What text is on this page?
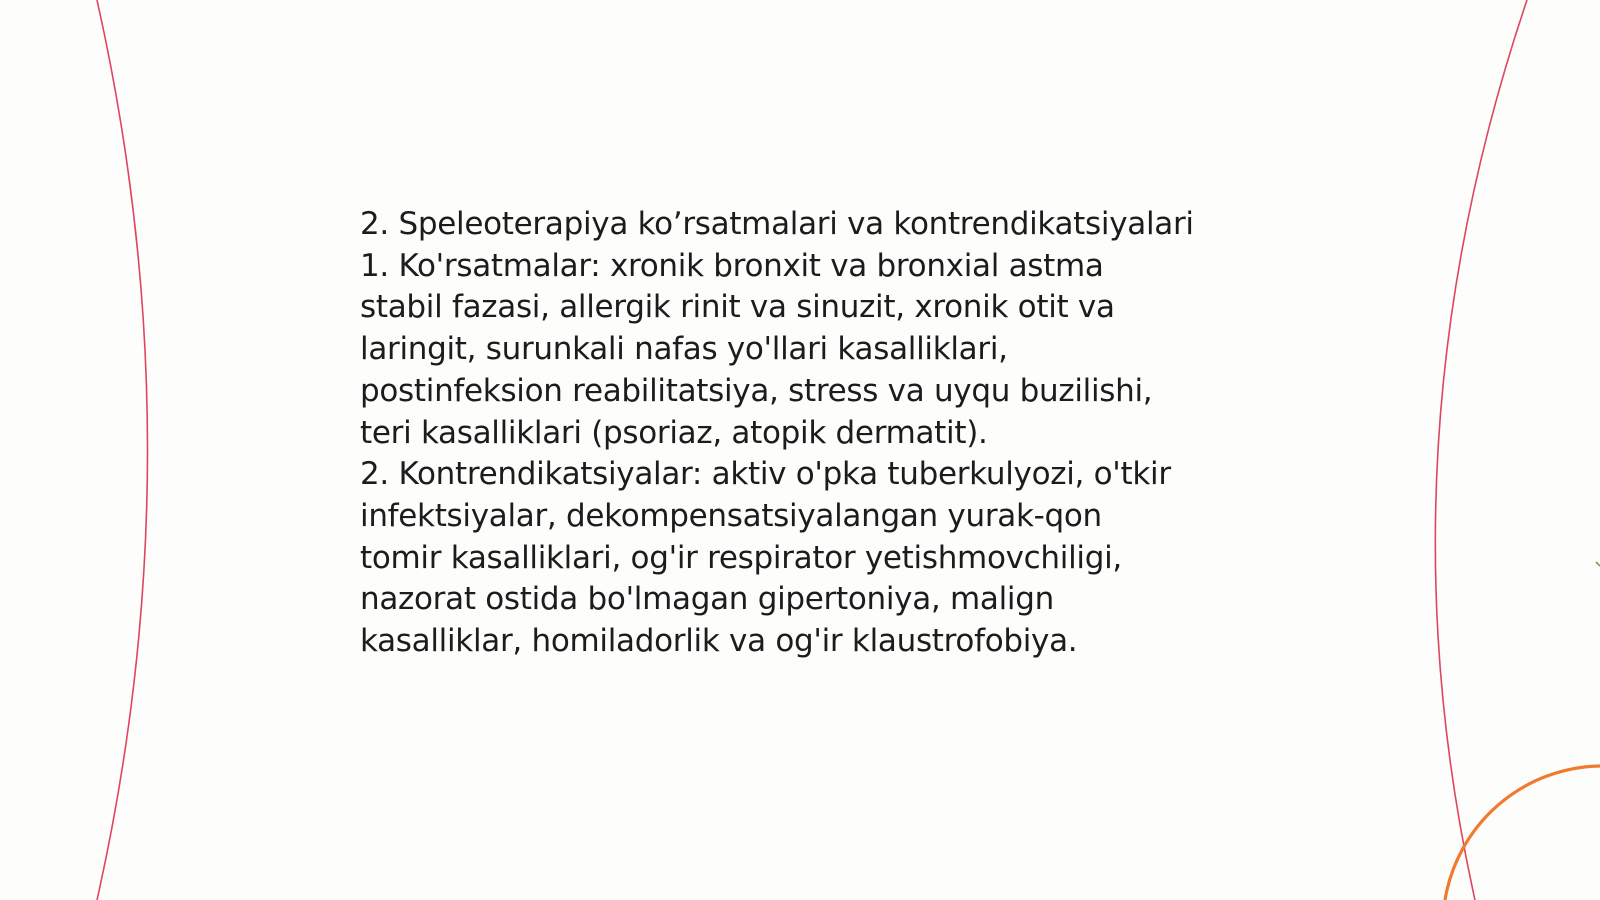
2. Speleoterapiya ko’rsatmalari va kontrendikatsiyalari
1. Ko'rsatmalar: xronik bronxit va bronxial astma
stabil fazasi, allergik rinit va sinuzit, xronik otit va
laringit, surunkali nafas yo'llari kasalliklari,
postinfeksion reabilitatsiya, stress va uyqu buzilishi,
teri kasalliklari (psoriaz, atopik dermatit).
2. Kontrendikatsiyalar: aktiv o'pka tuberkulyozi, o'tkir
infektsiyalar, dekompensatsiyalangan yurak-qon
tomir kasalliklari, og'ir respirator yetishmovchiligi,
nazorat ostida bo'lmagan gipertoniya, malign
kasalliklar, homiladorlik va og'ir klaustrofobiya.
